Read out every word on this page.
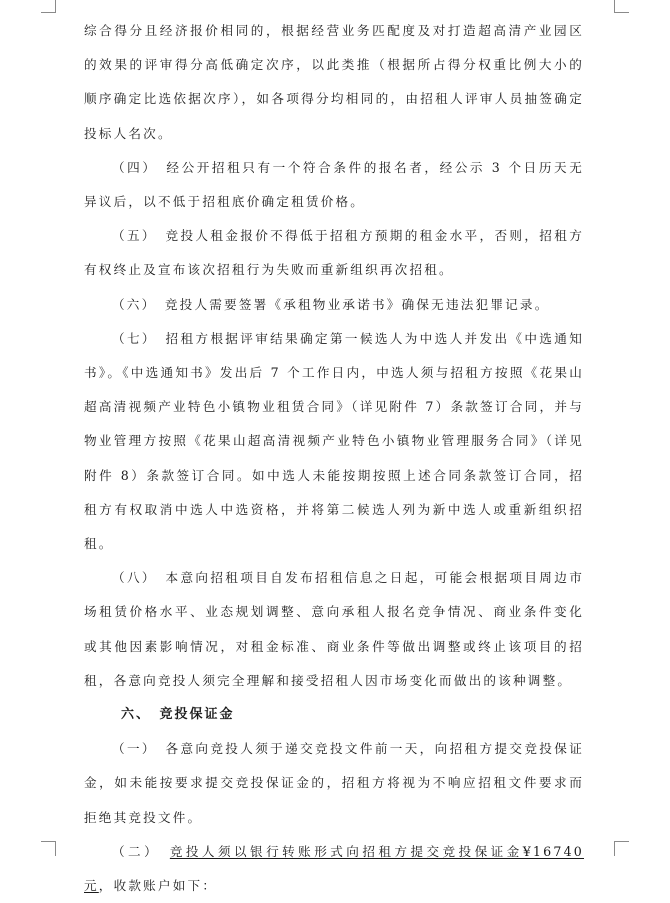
综合得分且经济报价相同的，根据经营业务匹配度及对打造超高清产业园区的效果的评审得分高低确定次序，以此类推（根据所占得分权重比例大小的顺序确定比选依据次序），如各项得分均相同的，由招租人评审人员抽签确定投标人名次。

（四）　经公开招租只有一个符合条件的报名者，经公示 3 个日历天无异议后，以不低于招租底价确定租赁价格。

（五）　竞投人租金报价不得低于招租方预期的租金水平，否则，招租方有权终止及宣布该次招租行为失败而重新组织再次招租。

（六）　竞投人需要签署《承租物业承诺书》确保无违法犯罪记录。

（七）　招租方根据评审结果确定第一候选人为中选人并发出《中选通知书》。《中选通知书》发出后 7 个工作日内，中选人须与招租方按照《花果山超高清视频产业特色小镇物业租赁合同》（详见附件 7）条款签订合同，并与物业管理方按照《花果山超高清视频产业特色小镇物业管理服务合同》（详见附件 8）条款签订合同。如中选人未能按期按照上述合同条款签订合同，招租方有权取消中选人中选资格，并将第二候选人列为新中选人或重新组织招租。

（八）　本意向招租项目自发布招租信息之日起，可能会根据项目周边市场租赁价格水平、业态规划调整、意向承租人报名竞争情况、商业条件变化或其他因素影响情况，对租金标准、商业条件等做出调整或终止该项目的招租，各意向竞投人须完全理解和接受招租人因市场变化而做出的该种调整。

六、　竞投保证金

（一）　各意向竞投人须于递交竞投文件前一天，向招租方提交竞投保证金，如未能按要求提交竞投保证金的，招租方将视为不响应招租文件要求而拒绝其竞投文件。

（二）　竞投人须以银行转账形式向招租方提交竞投保证金¥16740 元，收款账户如下：
